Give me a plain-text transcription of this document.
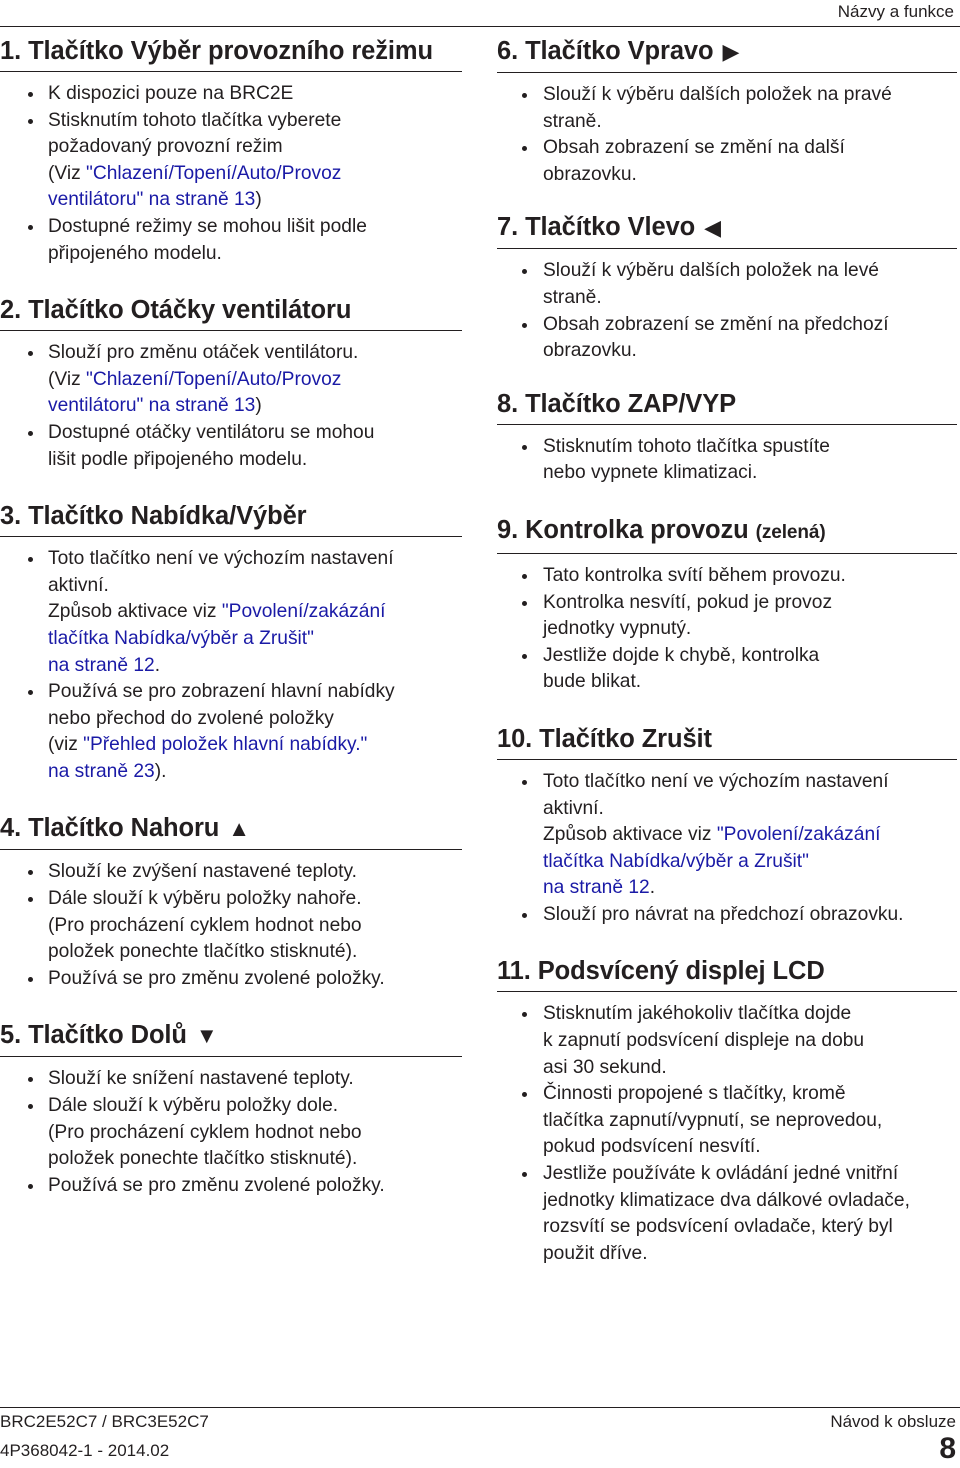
Názvy a funkce
1. Tlačítko Výběr provozního režimu
K dispozici pouze na BRC2E
Stisknutím tohoto tlačítka vyberete
požadovaný provozní režim
(Viz "Chlazení/Topení/Auto/Provoz
ventilátoru" na straně 13)
Dostupné režimy se mohou lišit podle
připojeného modelu.
2. Tlačítko Otáčky ventilátoru
Slouží pro změnu otáček ventilátoru.
(Viz "Chlazení/Topení/Auto/Provoz
ventilátoru" na straně 13)
Dostupné otáčky ventilátoru se mohou
lišit podle připojeného modelu.
3. Tlačítko Nabídka/Výběr
Toto tlačítko není ve výchozím nastavení
aktivní.
Způsob aktivace viz "Povolení/zakázání
tlačítka Nabídka/výběr a Zrušit"
na straně 12.
Používá se pro zobrazení hlavní nabídky
nebo přechod do zvolené položky
(viz "Přehled položek hlavní nabídky."
na straně 23).
4. Tlačítko Nahoru ▲
Slouží ke zvýšení nastavené teploty.
Dále slouží k výběru položky nahoře.
(Pro procházení cyklem hodnot nebo
položek ponechte tlačítko stisknuté).
Používá se pro změnu zvolené položky.
5. Tlačítko Dolů ▼
Slouží ke snížení nastavené teploty.
Dále slouží k výběru položky dole.
(Pro procházení cyklem hodnot nebo
položek ponechte tlačítko stisknuté).
Používá se pro změnu zvolené položky.
6. Tlačítko Vpravo ▶
Slouží k výběru dalších položek na pravé
straně.
Obsah zobrazení se změní na další
obrazovku.
7. Tlačítko Vlevo ◀
Slouží k výběru dalších položek na levé
straně.
Obsah zobrazení se změní na předchozí
obrazovku.
8. Tlačítko ZAP/VYP
Stisknutím tohoto tlačítka spustíte
nebo vypnete klimatizaci.
9. Kontrolka provozu (zelená)
Tato kontrolka svítí během provozu.
Kontrolka nesvítí, pokud je provoz
jednotky vypnutý.
Jestliže dojde k chybě, kontrolka
bude blikat.
10. Tlačítko Zrušit
Toto tlačítko není ve výchozím nastavení
aktivní.
Způsob aktivace viz "Povolení/zakázání
tlačítka Nabídka/výběr a Zrušit"
na straně 12.
Slouží pro návrat na předchozí obrazovku.
11. Podsvícený displej LCD
Stisknutím jakéhokoliv tlačítka dojde
k zapnutí podsvícení displeje na dobu
asi 30 sekund.
Činnosti propojené s tlačítky, kromě
tlačítka zapnutí/vypnutí, se neprovedou,
pokud podsvícení nesvítí.
Jestliže používáte k ovládání jedné vnitřní
jednotky klimatizace dva dálkové ovladače,
rozsvítí se podsvícení ovladače, který byl
použit dříve.
BRC2E52C7 / BRC3E52C7
4P368042-1 - 2014.02
Návod k obsluze
8
